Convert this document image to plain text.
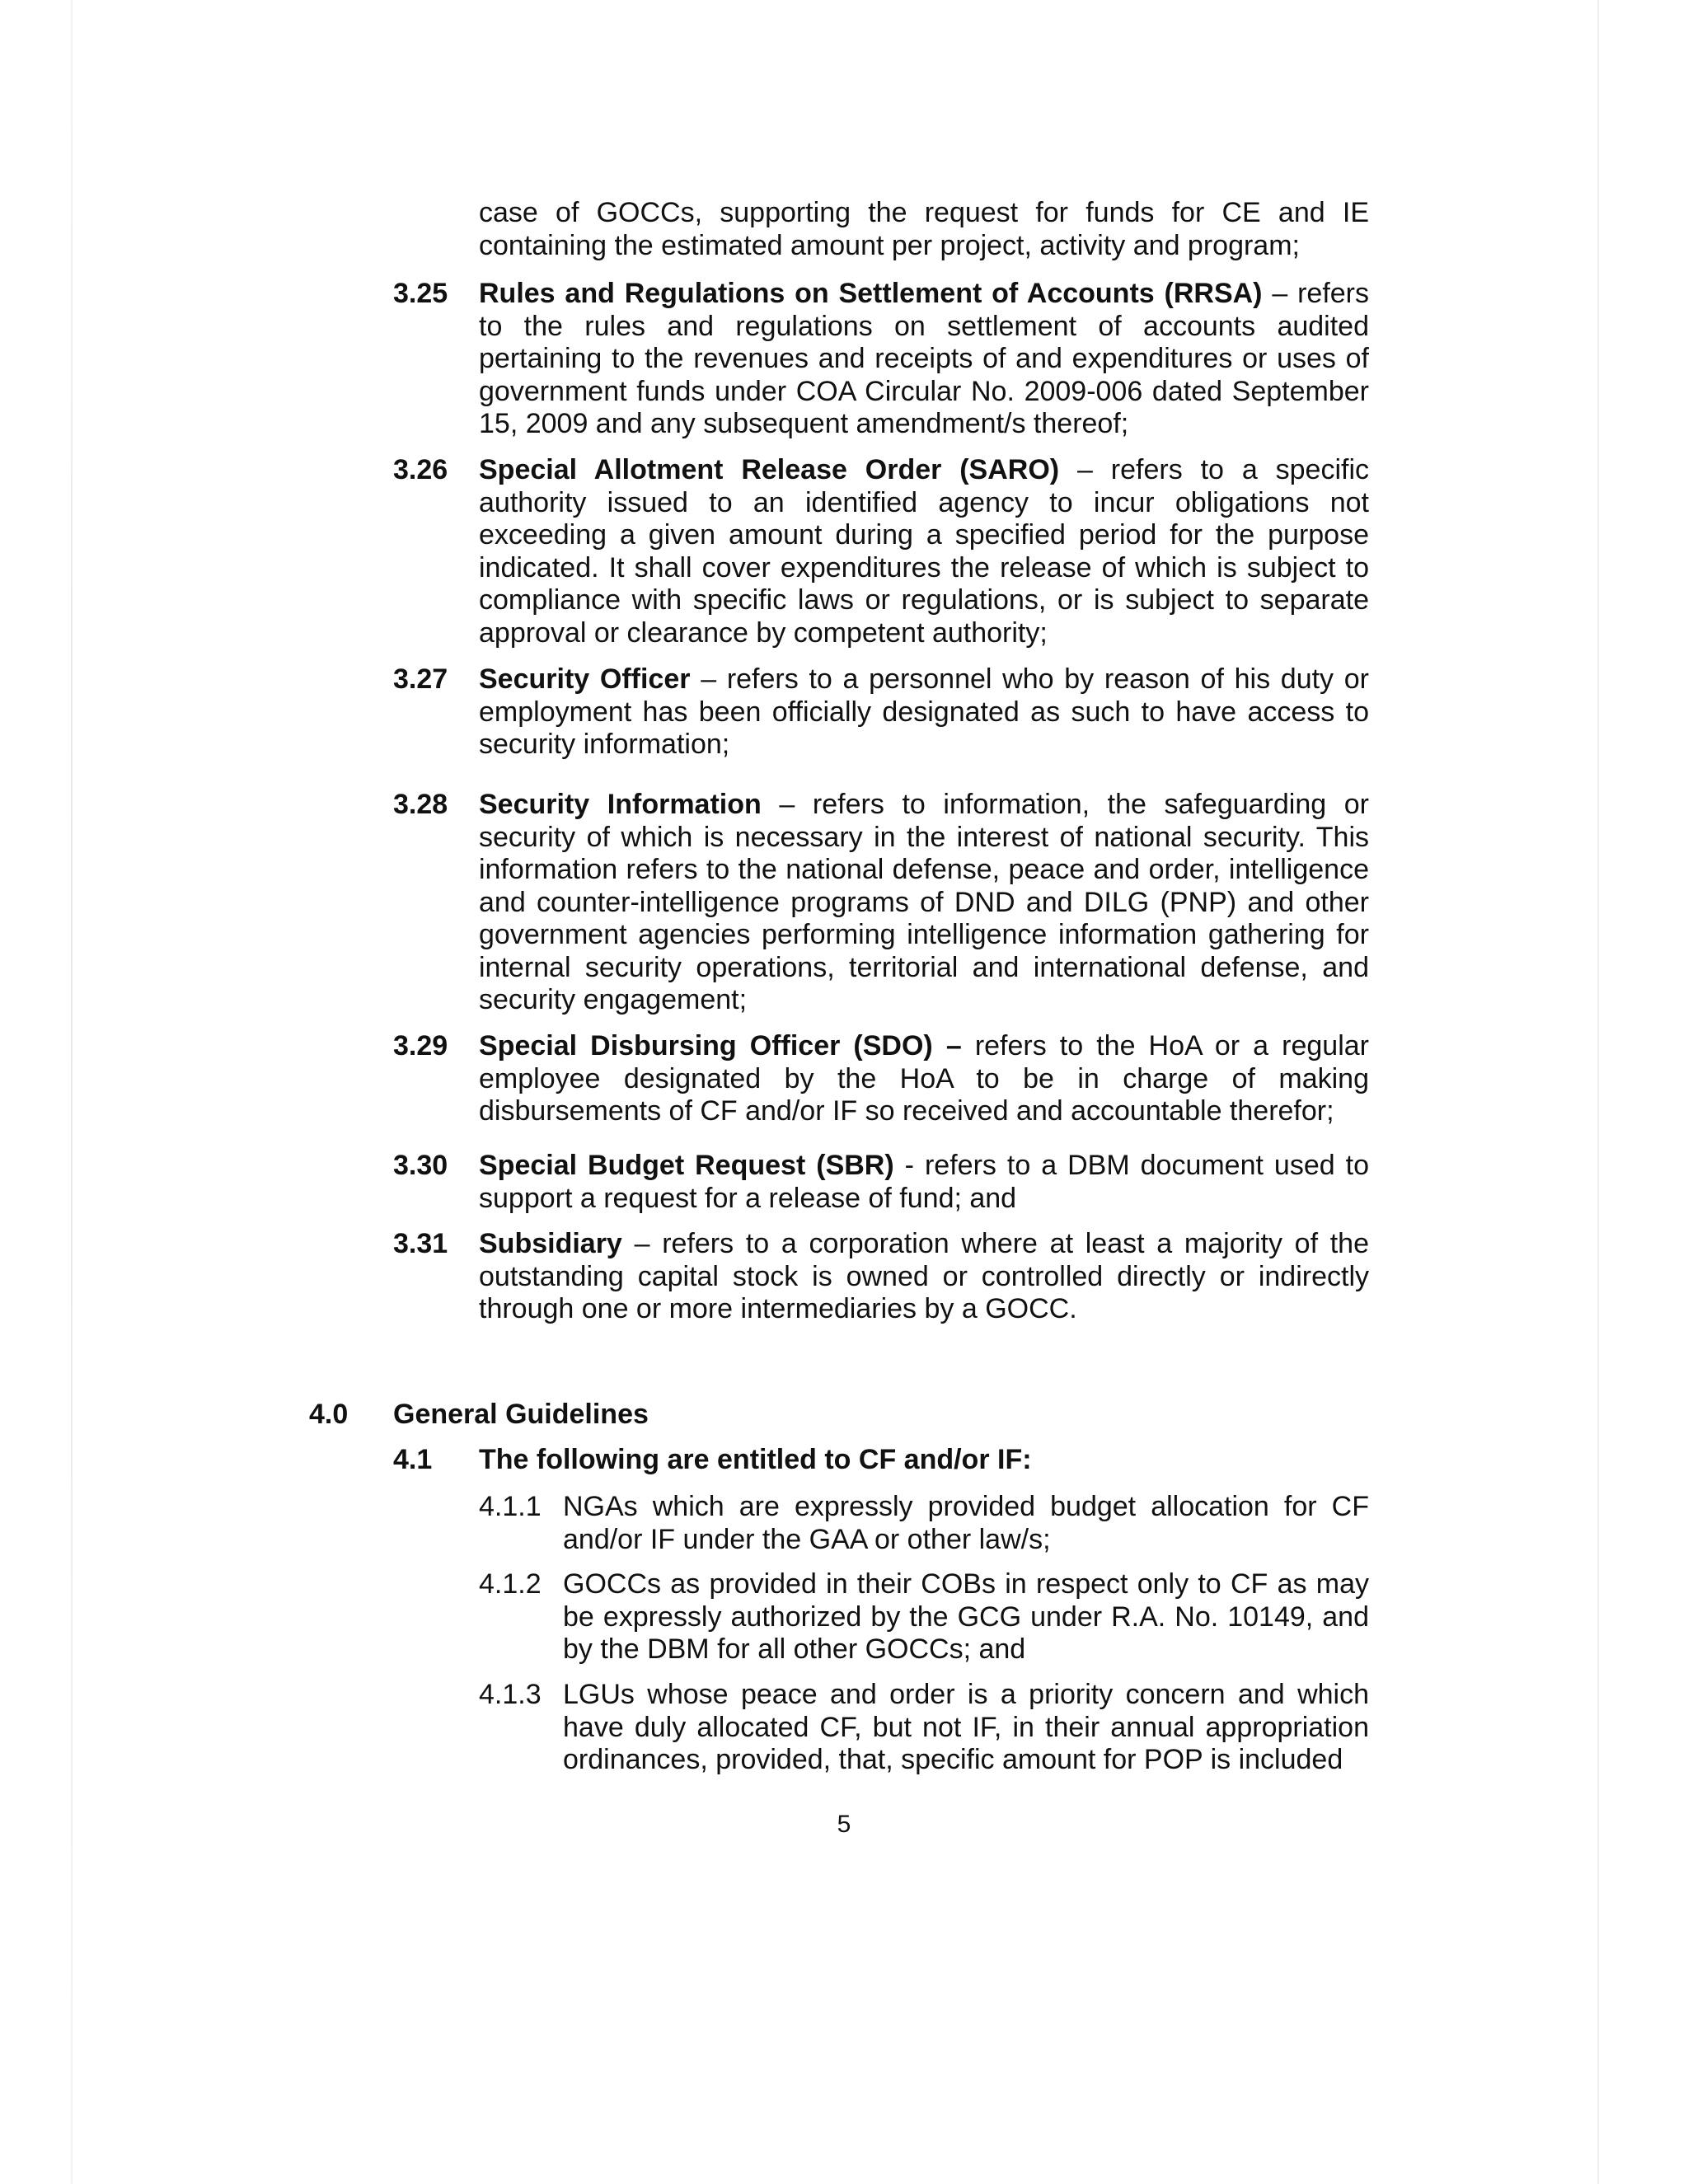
case of GOCCs, supporting the request for funds for CE and IE containing the estimated amount per project, activity and program;
3.25	Rules and Regulations on Settlement of Accounts (RRSA) – refers to the rules and regulations on settlement of accounts audited pertaining to the revenues and receipts of and expenditures or uses of government funds under COA Circular No. 2009-006 dated September 15, 2009 and any subsequent amendment/s thereof;
3.26	Special Allotment Release Order (SARO) – refers to a specific authority issued to an identified agency to incur obligations not exceeding a given amount during a specified period for the purpose indicated. It shall cover expenditures the release of which is subject to compliance with specific laws or regulations, or is subject to separate approval or clearance by competent authority;
3.27	Security Officer – refers to a personnel who by reason of his duty or employment has been officially designated as such to have access to security information;
3.28	Security Information – refers to information, the safeguarding or security of which is necessary in the interest of national security. This information refers to the national defense, peace and order, intelligence and counter-intelligence programs of DND and DILG (PNP) and other government agencies performing intelligence information gathering for internal security operations, territorial and international defense, and security engagement;
3.29	Special Disbursing Officer (SDO) – refers to the HoA or a regular employee designated by the HoA to be in charge of making disbursements of CF and/or IF so received and accountable therefor;
3.30	Special Budget Request (SBR) - refers to a DBM document used to support a request for a release of fund; and
3.31	Subsidiary – refers to a corporation where at least a majority of the outstanding capital stock is owned or controlled directly or indirectly through one or more intermediaries by a GOCC.
4.0 General Guidelines
4.1 The following are entitled to CF and/or IF:
4.1.1 NGAs which are expressly provided budget allocation for CF and/or IF under the GAA or other law/s;
4.1.2 GOCCs as provided in their COBs in respect only to CF as may be expressly authorized by the GCG under R.A. No. 10149, and by the DBM for all other GOCCs; and
4.1.3 LGUs whose peace and order is a priority concern and which have duly allocated CF, but not IF, in their annual appropriation ordinances, provided, that, specific amount for POP is included
5
